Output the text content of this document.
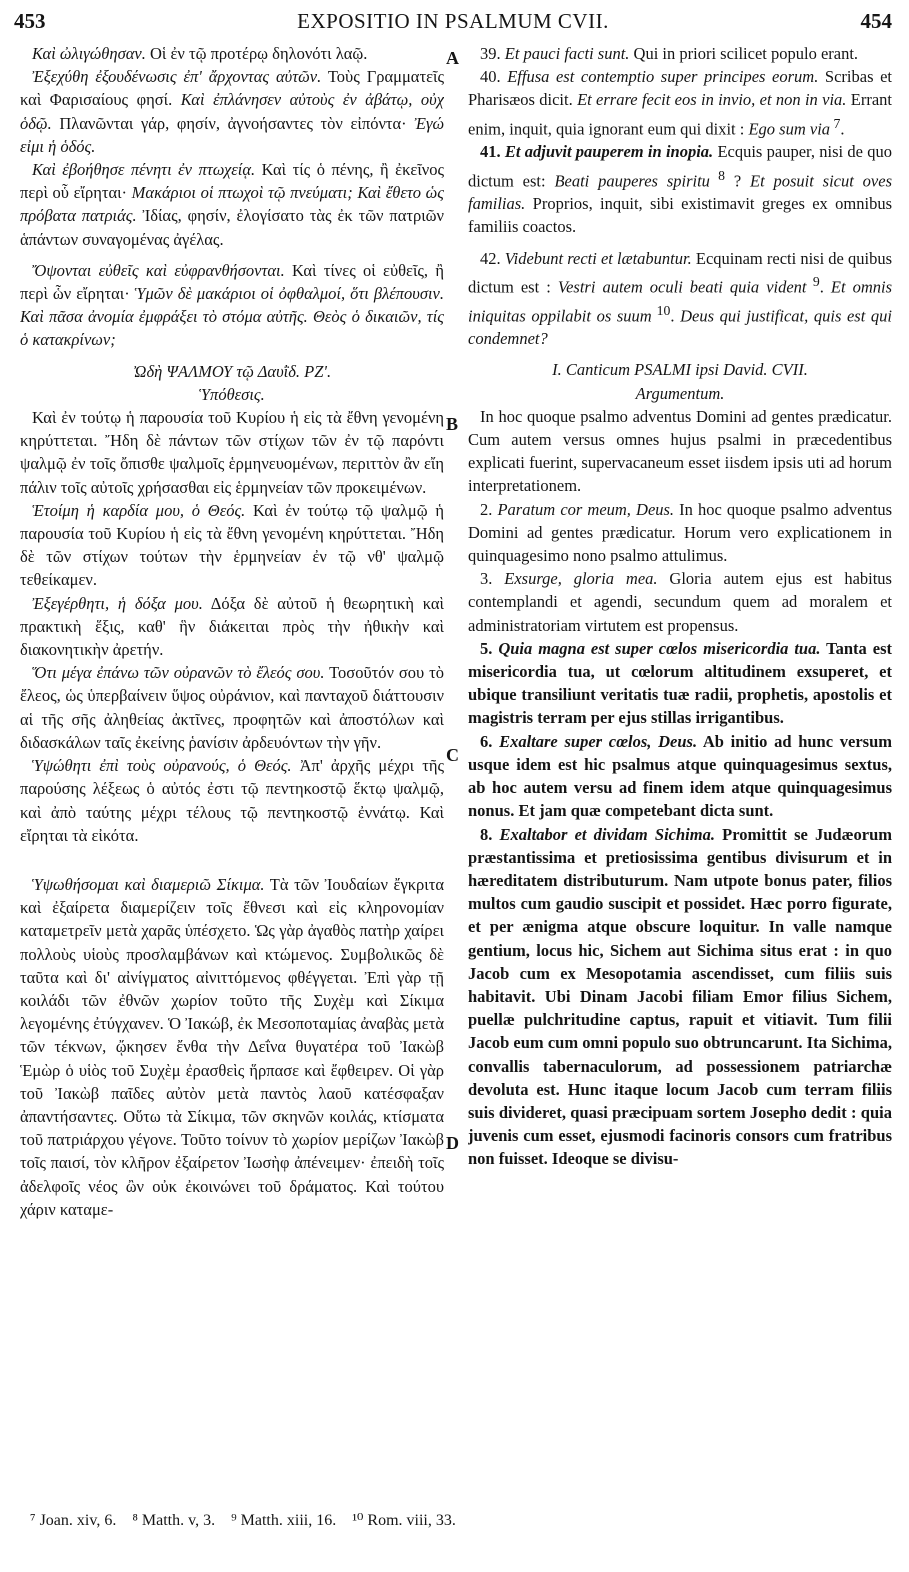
453	EXPOSITIO IN PSALMUM CVII.	454
A
B
C
D

Καὶ ὠλιγώθησαν. Οἱ ἐν τῷ προτέρῳ δηλονότι λαῷ.

Ἐξεχύθη ἐξουδένωσις ἐπ' ἄρχοντας αὐτῶν. Τοὺς Γραμματεῖς καὶ Φαρισαίους φησί. Καὶ ἐπλάνησεν αὐτοὺς ἐν ἀβάτῳ, οὐχ ὁδῷ. Πλανῶνται γάρ, φησίν, ἀγνοήσαντες τὸν εἰπόντα· Ἐγώ εἰμι ἡ ὁδός.

Καὶ ἐβοήθησε πένητι ἐν πτωχείᾳ. Καὶ τίς ὁ πένης, ἢ ἐκεῖνος περὶ οὗ εἴρηται· Μακάριοι οἱ πτωχοὶ τῷ πνεύματι; Καὶ ἔθετο ὡς πρόβατα πατριάς. Ἰδίας, φησίν, ἐλογίσατο τὰς ἐκ τῶν πατριῶν ἁπάντων συναγομένας ἀγέλας.

Ὄψονται εὐθεῖς καὶ εὐφρανθήσονται. Καὶ τίνες οἱ εὐθεῖς, ἢ περὶ ὧν εἴρηται· Ὑμῶν δὲ μακάριοι οἱ ὀφθαλμοί, ὅτι βλέπουσιν. Καὶ πᾶσα ἀνομία ἐμφράξει τὸ στόμα αὐτῆς. Θεὸς ὁ δικαιῶν, τίς ὁ κατακρίνων;

Ὠδὴ ΨΑΛΜΟΥ τῷ Δαυῒδ. ΡΖ'.

Ὑπόθεσις.

Καὶ ἐν τούτῳ ἡ παρουσία τοῦ Κυρίου ἡ εἰς τὰ ἔθνη γενομένη κηρύττεται. Ἤδη δὲ πάντων τῶν στίχων τῶν ἐν τῷ παρόντι ψαλμῷ ἐν τοῖς ὄπισθε ψαλμοῖς ἑρμηνευομένων, περιττὸν ἂν εἴη πάλιν τοῖς αὐτοῖς χρήσασθαι εἰς ἑρμηνείαν τῶν προκειμένων.

Ἑτοίμη ἡ καρδία μου, ὁ Θεός. Καὶ ἐν τούτῳ τῷ ψαλμῷ ἡ παρουσία τοῦ Κυρίου ἡ εἰς τὰ ἔθνη γενομένη κηρύττεται. Ἤδη δὲ τῶν στίχων τούτων τὴν ἑρμηνείαν ἐν τῷ νθ' ψαλμῷ τεθείκαμεν.

Ἐξεγέρθητι, ἡ δόξα μου. Δόξα δὲ αὐτοῦ ἡ θεωρητικὴ καὶ πρακτικὴ ἕξις, καθ' ἣν διάκειται πρὸς τὴν ἠθικὴν καὶ διακονητικὴν ἀρετήν.

Ὅτι μέγα ἐπάνω τῶν οὐρανῶν τὸ ἔλεός σου. Τοσοῦτόν σου τὸ ἔλεος, ὡς ὑπερβαίνειν ὕψος οὐράνιον, καὶ πανταχοῦ διάττουσιν αἱ τῆς σῆς ἀληθείας ἀκτῖνες, προφητῶν καὶ ἀποστόλων καὶ διδασκάλων ταῖς ἐκείνης ῥανίσιν ἀρδευόντων τὴν γῆν.

Ὑψώθητι ἐπὶ τοὺς οὐρανούς, ὁ Θεός. Ἀπ' ἀρχῆς μέχρι τῆς παρούσης λέξεως ὁ αὐτός ἐστι τῷ πεντηκοστῷ ἕκτῳ ψαλμῷ, καὶ ἀπὸ ταύτης μέχρι τέλους τῷ πεντηκοστῷ ἐννάτῳ. Καὶ εἴρηται τὰ εἰκότα.

Ὑψωθήσομαι καὶ διαμεριῶ Σίκιμα. Τὰ τῶν Ἰουδαίων ἔγκριτα καὶ ἐξαίρετα διαμερίζειν τοῖς ἔθνεσι καὶ εἰς κληρονομίαν καταμετρεῖν μετὰ χαρᾶς ὑπέσχετο. Ὡς γὰρ ἀγαθὸς πατὴρ χαίρει πολλοὺς υἱοὺς προσλαμβάνων καὶ κτώμενος. Συμβολικῶς δὲ ταῦτα καὶ δι' αἰνίγματος αἰνιττόμενος φθέγγεται. Ἐπὶ γὰρ τῇ κοιλάδι τῶν ἐθνῶν χωρίον τοῦτο τῆς Συχὲμ καὶ Σίκιμα λεγομένης ἐτύγχανεν. Ὁ Ἰακώβ, ἐκ Μεσοποταμίας ἀναβὰς μετὰ τῶν τέκνων, ᾤκησεν ἔνθα τὴν Δεΐνα θυγατέρα τοῦ Ἰακὼβ Ἑμὼρ ὁ υἱὸς τοῦ Συχὲμ ἐρασθεὶς ἥρπασε καὶ ἔφθειρεν. Οἱ γὰρ τοῦ Ἰακὼβ παῖδες αὐτὸν μετὰ παντὸς λαοῦ κατέσφαξαν ἀπαντήσαντες. Οὕτω τὰ Σίκιμα, τῶν σκηνῶν κοιλάς, κτίσματα τοῦ πατριάρχου γέγονε. Τοῦτο τοίνυν τὸ χωρίον μερίζων Ἰακὼβ τοῖς παισί, τὸν κλῆρον ἐξαίρετον Ἰωσὴφ ἀπένειμεν· ἐπειδὴ τοῖς ἀδελφοῖς νέος ὢν οὐκ ἐκοινώνει τοῦ δράματος. Καὶ τούτου χάριν καταμε-

39. Et pauci facti sunt. Qui in priori scilicet populo erant.

40. Effusa est contemptio super principes eorum. Scribas et Pharisæos dicit. Et errare fecit eos in invio, et non in via. Errant enim, inquit, quia ignorant eum qui dixit : Ego sum via $^7$.

41. Et adjuvit pauperem in inopia. Ecquis pauper, nisi de quo dictum est: Beati pauperes spiritu $^8$ ? Et posuit sicut oves familias. Proprios, inquit, sibi existimavit greges ex omnibus familiis coactos.

42. Videbunt recti et lætabuntur. Ecquinam recti nisi de quibus dictum est : Vestri autem oculi beati quia vident $^9$. Et omnis iniquitas oppilabit os suum $^{10}$. Deus qui justificat, quis est qui condemnet?

I. Canticum PSALMI ipsi David. CVII.

Argumentum.

In hoc quoque psalmo adventus Domini ad gentes prædicatur. Cum autem versus omnes hujus psalmi in præcedentibus explicati fuerint, supervacaneum esset iisdem ipsis uti ad horum interpretationem.

2. Paratum cor meum, Deus. In hoc quoque psalmo adventus Domini ad gentes prædicatur. Horum vero explicationem in quinquagesimo nono psalmo attulimus.

3. Exsurge, gloria mea. Gloria autem ejus est habitus contemplandi et agendi, secundum quem ad moralem et administratoriam virtutem est propensus.

5. Quia magna est super cœlos misericordia tua. Tanta est misericordia tua, ut cœlorum altitudinem exsuperet, et ubique transiliunt veritatis tuæ radii, prophetis, apostolis et magistris terram per ejus stillas irrigantibus.

6. Exaltare super cœlos, Deus. Ab initio ad hunc versum usque idem est hic psalmus atque quinquagesimus sextus, ab hoc autem versu ad finem idem atque quinquagesimus nonus. Et jam quæ competebant dicta sunt.

8. Exaltabor et dividam Sichima. Promittit se Judæorum præstantissima et pretiosissima gentibus divisurum et in hæreditatem distributurum. Nam utpote bonus pater, filios multos cum gaudio suscipit et possidet. Hæc porro figurate, et per ænigma atque obscure loquitur. In valle namque gentium, locus hic, Sichem aut Sichima situs erat : in quo Jacob cum ex Mesopotamia ascendisset, cum filiis suis habitavit. Ubi Dinam Jacobi filiam Emor filius Sichem, puellæ pulchritudine captus, rapuit et vitiavit. Tum filii Jacob eum cum omni populo suo obtruncarunt. Ita Sichima, convallis tabernaculorum, ad possessionem patriarchæ devoluta est. Hunc itaque locum Jacob cum terram filiis suis divideret, quasi præcipuam sortem Josepho dedit : quia juvenis cum esset, ejusmodi facinoris consors cum fratribus non fuisset. Ideoque se divisu-

⁷ Joan. xiv, 6.    ⁸ Matth. v, 3.    ⁹ Matth. xiii, 16.    ¹⁰ Rom. viii, 33.
